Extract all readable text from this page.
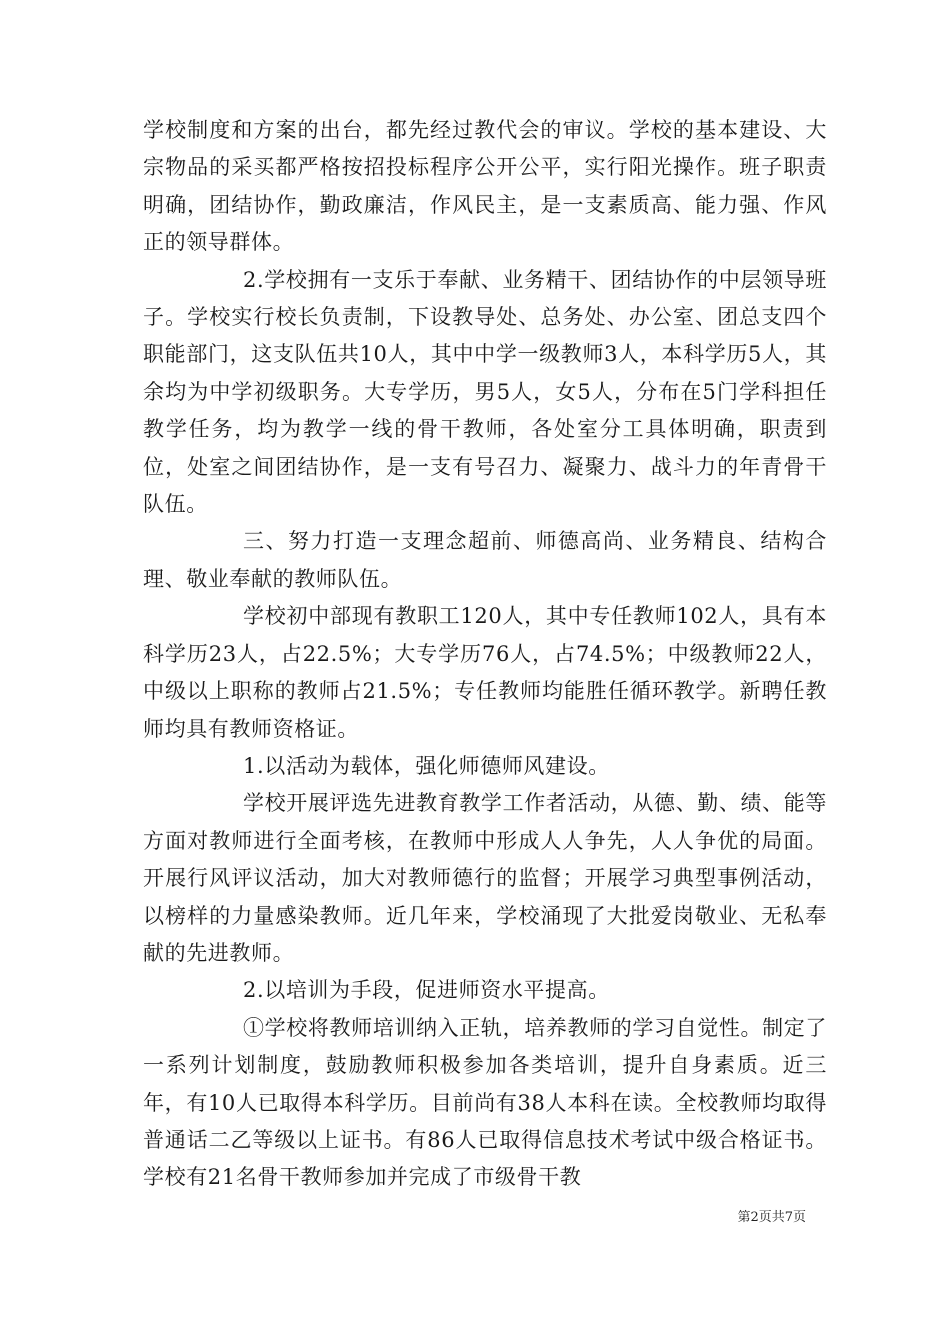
学校制度和方案的出台，都先经过教代会的审议。学校的基本建设、大宗物品的采买都严格按招投标程序公开公平，实行阳光操作。班子职责明确，团结协作，勤政廉洁，作风民主，是一支素质高、能力强、作风正的领导群体。

2.学校拥有一支乐于奉献、业务精干、团结协作的中层领导班子。学校实行校长负责制，下设教导处、总务处、办公室、团总支四个职能部门，这支队伍共10人，其中中学一级教师3人，本科学历5人，其余均为中学初级职务。大专学历，男5人，女5人，分布在5门学科担任教学任务，均为教学一线的骨干教师，各处室分工具体明确，职责到位，处室之间团结协作，是一支有号召力、凝聚力、战斗力的年青骨干队伍。

三、努力打造一支理念超前、师德高尚、业务精良、结构合理、敬业奉献的教师队伍。

学校初中部现有教职工120人，其中专任教师102人，具有本科学历23人，占22.5%；大专学历76人，占74.5%；中级教师22人，中级以上职称的教师占21.5%；专任教师均能胜任循环教学。新聘任教师均具有教师资格证。

1.以活动为载体，强化师德师风建设。

学校开展评选先进教育教学工作者活动，从德、勤、绩、能等方面对教师进行全面考核，在教师中形成人人争先，人人争优的局面。开展行风评议活动，加大对教师德行的监督；开展学习典型事例活动，以榜样的力量感染教师。近几年来，学校涌现了大批爱岗敬业、无私奉献的先进教师。

2.以培训为手段，促进师资水平提高。

①学校将教师培训纳入正轨，培养教师的学习自觉性。制定了一系列计划制度，鼓励教师积极参加各类培训，提升自身素质。近三年，有10人已取得本科学历。目前尚有38人本科在读。全校教师均取得普通话二乙等级以上证书。有86人已取得信息技术考试中级合格证书。学校有21名骨干教师参加并完成了市级骨干教

第2页共7页
